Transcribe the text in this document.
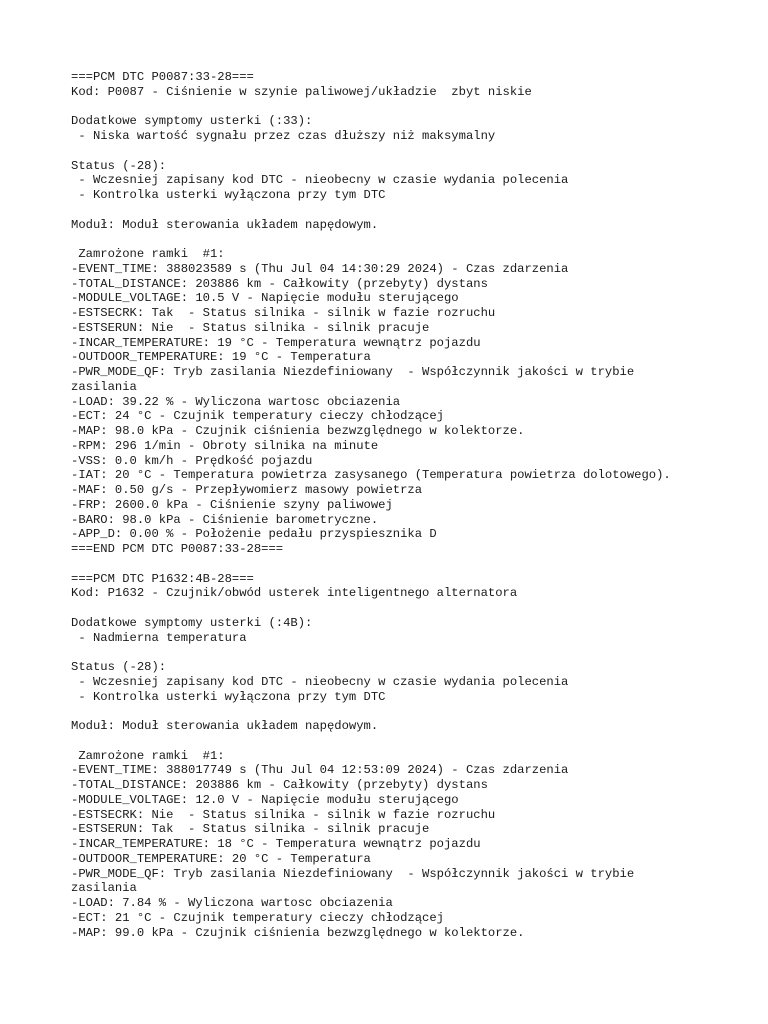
===PCM DTC P0087:33-28===
Kod: P0087 - Ciśnienie w szynie paliwowej/układzie  zbyt niskie
Dodatkowe symptomy usterki (:33):
- Niska wartość sygnału przez czas dłuższy niż maksymalny
Status (-28):
- Wczesniej zapisany kod DTC - nieobecny w czasie wydania polecenia
- Kontrolka usterki wyłączona przy tym DTC
Moduł: Moduł sterowania układem napędowym.
Zamrożone ramki  #1:
-EVENT_TIME: 388023589 s (Thu Jul 04 14:30:29 2024) - Czas zdarzenia
-TOTAL_DISTANCE: 203886 km - Całkowity (przebyty) dystans
-MODULE_VOLTAGE: 10.5 V - Napięcie modułu sterującego
-ESTSECRK: Tak  - Status silnika - silnik w fazie rozruchu
-ESTSERUN: Nie  - Status silnika - silnik pracuje
-INCAR_TEMPERATURE: 19 °C - Temperatura wewnątrz pojazdu
-OUTDOOR_TEMPERATURE: 19 °C - Temperatura
-PWR_MODE_QF: Tryb zasilania Niezdefiniowany  - Współczynnik jakości w trybie
zasilania
-LOAD: 39.22 % - Wyliczona wartosc obciazenia
-ECT: 24 °C - Czujnik temperatury cieczy chłodzącej
-MAP: 98.0 kPa - Czujnik ciśnienia bezwzględnego w kolektorze.
-RPM: 296 1/min - Obroty silnika na minute
-VSS: 0.0 km/h - Prędkość pojazdu
-IAT: 20 °C - Temperatura powietrza zasysanego (Temperatura powietrza dolotowego).
-MAF: 0.50 g/s - Przepływomierz masowy powietrza
-FRP: 2600.0 kPa - Ciśnienie szyny paliwowej
-BARO: 98.0 kPa - Ciśnienie barometryczne.
-APP_D: 0.00 % - Położenie pedału przyspiesznika D
===END PCM DTC P0087:33-28===
===PCM DTC P1632:4B-28===
Kod: P1632 - Czujnik/obwód usterek inteligentnego alternatora
Dodatkowe symptomy usterki (:4B):
- Nadmierna temperatura
Status (-28):
- Wczesniej zapisany kod DTC - nieobecny w czasie wydania polecenia
- Kontrolka usterki wyłączona przy tym DTC
Moduł: Moduł sterowania układem napędowym.
Zamrożone ramki  #1:
-EVENT_TIME: 388017749 s (Thu Jul 04 12:53:09 2024) - Czas zdarzenia
-TOTAL_DISTANCE: 203886 km - Całkowity (przebyty) dystans
-MODULE_VOLTAGE: 12.0 V - Napięcie modułu sterującego
-ESTSECRK: Nie  - Status silnika - silnik w fazie rozruchu
-ESTSERUN: Tak  - Status silnika - silnik pracuje
-INCAR_TEMPERATURE: 18 °C - Temperatura wewnątrz pojazdu
-OUTDOOR_TEMPERATURE: 20 °C - Temperatura
-PWR_MODE_QF: Tryb zasilania Niezdefiniowany  - Współczynnik jakości w trybie
zasilania
-LOAD: 7.84 % - Wyliczona wartosc obciazenia
-ECT: 21 °C - Czujnik temperatury cieczy chłodzącej
-MAP: 99.0 kPa - Czujnik ciśnienia bezwzględnego w kolektorze.
